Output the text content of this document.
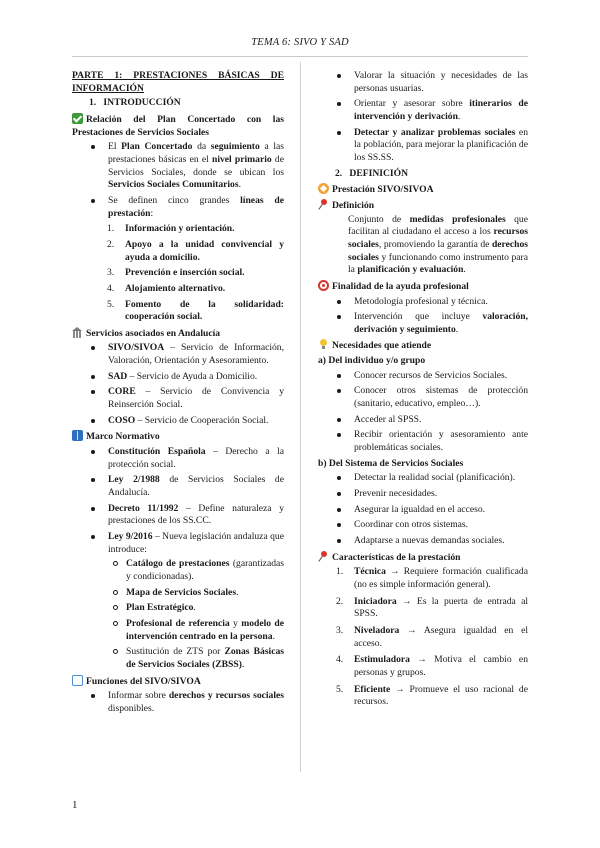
TEMA 6: SIVO Y SAD

PARTE 1: PRESTACIONES BÁSICAS DE INFORMACIÓN

1. INTRODUCCIÓN

Relación del Plan Concertado con las Prestaciones de Servicios Sociales

El Plan Concertado da seguimiento a las prestaciones básicas en el nivel primario de Servicios Sociales, donde se ubican los Servicios Sociales Comunitarios.
Se definen cinco grandes líneas de prestación:
1. Información y orientación.
2. Apoyo a la unidad convivencial y ayuda a domicilio.
3. Prevención e inserción social.
4. Alojamiento alternativo.
5. Fomento de la solidaridad: cooperación social.

Servicios asociados en Andalucía

SIVO/SIVOA – Servicio de Información, Valoración, Orientación y Asesoramiento.
SAD – Servicio de Ayuda a Domicilio.
CORE – Servicio de Convivencia y Reinserción Social.
COSO – Servicio de Cooperación Social.

Marco Normativo

Constitución Española – Derecho a la protección social.
Ley 2/1988 de Servicios Sociales de Andalucía.
Decreto 11/1992 – Define naturaleza y prestaciones de los SS.CC.
Ley 9/2016 – Nueva legislación andaluza que introduce:
Catálogo de prestaciones (garantizadas y condicionadas).
Mapa de Servicios Sociales.
Plan Estratégico.
Profesional de referencia y modelo de intervención centrado en la persona.
Sustitución de ZTS por Zonas Básicas de Servicios Sociales (ZBSS).

Funciones del SIVO/SIVOA

Informar sobre derechos y recursos sociales disponibles.
Valorar la situación y necesidades de las personas usuarias.
Orientar y asesorar sobre itinerarios de intervención y derivación.
Detectar y analizar problemas sociales en la población, para mejorar la planificación de los SS.SS.

2. DEFINICIÓN

Prestación SIVO/SIVOA

Definición

Conjunto de medidas profesionales que facilitan al ciudadano el acceso a los recursos sociales, promoviendo la garantía de derechos sociales y funcionando como instrumento para la planificación y evaluación.

Finalidad de la ayuda profesional

Metodología profesional y técnica.
Intervención que incluye valoración, derivación y seguimiento.

Necesidades que atiende

a) Del individuo y/o grupo

Conocer recursos de Servicios Sociales.
Conocer otros sistemas de protección (sanitario, educativo, empleo…).
Acceder al SPSS.
Recibir orientación y asesoramiento ante problemáticas sociales.

b) Del Sistema de Servicios Sociales

Detectar la realidad social (planificación).
Prevenir necesidades.
Asegurar la igualdad en el acceso.
Coordinar con otros sistemas.
Adaptarse a nuevas demandas sociales.

Características de la prestación

1. Técnica → Requiere formación cualificada (no es simple información general).
2. Iniciadora → Es la puerta de entrada al SPSS.
3. Niveladora → Asegura igualdad en el acceso.
4. Estimuladora → Motiva el cambio en personas y grupos.
5. Eficiente → Promueve el uso racional de recursos.
1
